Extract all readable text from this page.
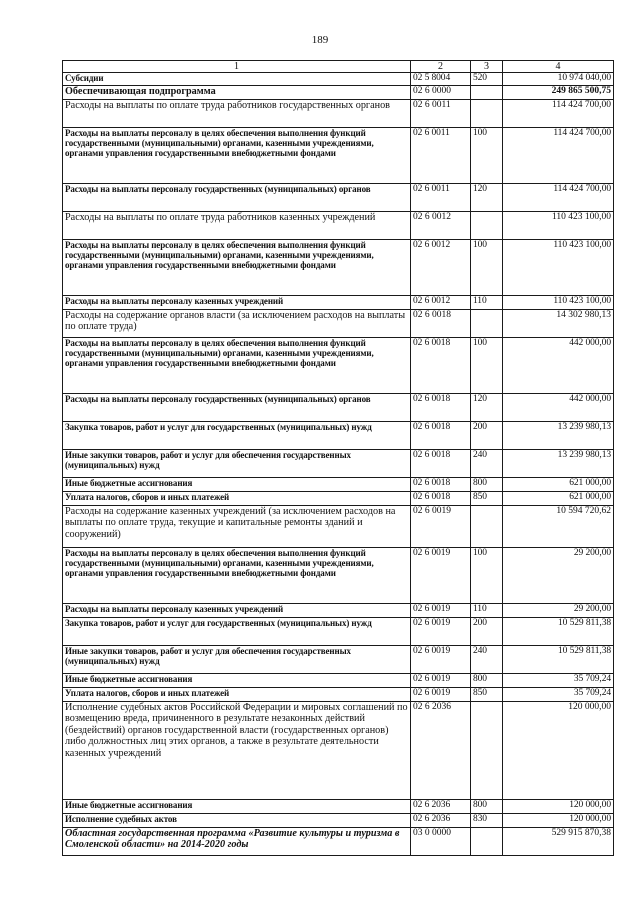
189
1	2	3	4
Субсидии	02 5 8004	520	10 974 040,00
Обеспечивающая подпрограмма	02 6 0000		249 865 500,75
Расходы на выплаты по оплате труда работников государственных органов	02 6 0011		114 424 700,00
Расходы на выплаты персоналу в целях обеспечения выполнения функций государственными (муниципальными) органами, казенными учреждениями, органами управления государственными внебюджетными фондами	02 6 0011	100	114 424 700,00
Расходы на выплаты персоналу государственных (муниципальных) органов	02 6 0011	120	114 424 700,00
Расходы на выплаты по оплате труда работников казенных учреждений	02 6 0012		110 423 100,00
Расходы на выплаты персоналу в целях обеспечения выполнения функций государственными (муниципальными) органами, казенными учреждениями, органами управления государственными внебюджетными фондами	02 6 0012	100	110 423 100,00
Расходы на выплаты персоналу казенных учреждений	02 6 0012	110	110 423 100,00
Расходы на содержание органов власти (за исключением расходов на выплаты по оплате труда)	02 6 0018		14 302 980,13
Расходы на выплаты персоналу в целях обеспечения выполнения функций государственными (муниципальными) органами, казенными учреждениями, органами управления государственными внебюджетными фондами	02 6 0018	100	442 000,00
Расходы на выплаты персоналу государственных (муниципальных) органов	02 6 0018	120	442 000,00
Закупка товаров, работ и услуг для государственных (муниципальных) нужд	02 6 0018	200	13 239 980,13
Иные закупки товаров, работ и услуг для обеспечения государственных (муниципальных) нужд	02 6 0018	240	13 239 980,13
Иные бюджетные ассигнования	02 6 0018	800	621 000,00
Уплата налогов, сборов и иных платежей	02 6 0018	850	621 000,00
Расходы на содержание казенных учреждений (за исключением расходов на выплаты по оплате труда, текущие и капитальные ремонты зданий и сооружений)	02 6 0019		10 594 720,62
Расходы на выплаты персоналу в целях обеспечения выполнения функций государственными (муниципальными) органами, казенными учреждениями, органами управления государственными внебюджетными фондами	02 6 0019	100	29 200,00
Расходы на выплаты персоналу казенных учреждений	02 6 0019	110	29 200,00
Закупка товаров, работ и услуг для государственных (муниципальных) нужд	02 6 0019	200	10 529 811,38
Иные закупки товаров, работ и услуг для обеспечения государственных (муниципальных) нужд	02 6 0019	240	10 529 811,38
Иные бюджетные ассигнования	02 6 0019	800	35 709,24
Уплата налогов, сборов и иных платежей	02 6 0019	850	35 709,24
Исполнение судебных актов Российской Федерации и мировых соглашений по возмещению вреда, причиненного в результате незаконных действий (бездействий) органов государственной власти (государственных органов) либо должностных лиц этих органов, а также в результате деятельности казенных учреждений	02 6 2036		120 000,00
Иные бюджетные ассигнования	02 6 2036	800	120 000,00
Исполнение судебных актов	02 6 2036	830	120 000,00
Областная государственная программа «Развитие культуры и туризма в Смоленской области» на 2014-2020 годы	03 0 0000		529 915 870,38
